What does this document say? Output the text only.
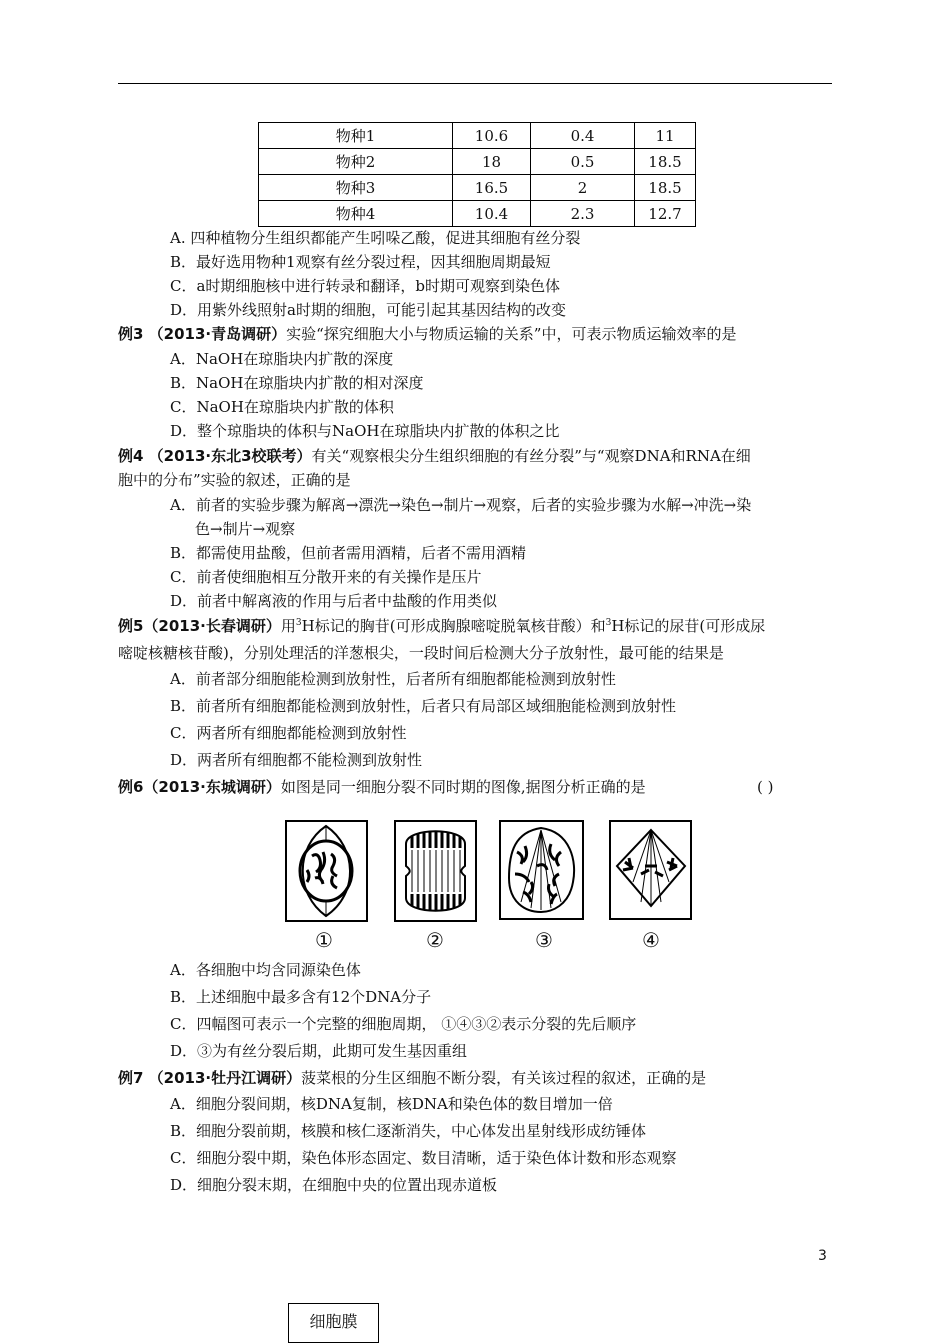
物种1	10.6	0.4	11
物种2	18	0.5	18.5
物种3	16.5	2	18.5
物种4	10.4	2.3	12.7
A. 四种植物分生组织都能产生吲哚乙酸，促进其细胞有丝分裂
B．最好选用物种1观察有丝分裂过程，因其细胞周期最短
C．a时期细胞核中进行转录和翻译，b时期可观察到染色体
D．用紫外线照射a时期的细胞，可能引起其基因结构的改变
例3 （2013·青岛调研）实验“探究细胞大小与物质运输的关系”中，可表示物质运输效率的是
A．NaOH在琼脂块内扩散的深度
B．NaOH在琼脂块内扩散的相对深度
C．NaOH在琼脂块内扩散的体积
D．整个琼脂块的体积与NaOH在琼脂块内扩散的体积之比
例4 （2013·东北3校联考）有关“观察根尖分生组织细胞的有丝分裂”与“观察DNA和RNA在细
胞中的分布”实验的叙述，正确的是
A．前者的实验步骤为解离→漂洗→染色→制片→观察，后者的实验步骤为水解→冲洗→染
色→制片→观察
B．都需使用盐酸，但前者需用酒精，后者不需用酒精
C．前者使细胞相互分散开来的有关操作是压片
D．前者中解离液的作用与后者中盐酸的作用类似
例5（2013·长春调研）用$^3$H标记的胸苷(可形成胸腺嘧啶脱氧核苷酸）和$^3$H标记的尿苷(可形成尿
嘧啶核糖核苷酸)，分别处理活的洋葱根尖，一段时间后检测大分子放射性，最可能的结果是
A．前者部分细胞能检测到放射性，后者所有细胞都能检测到放射性
B．前者所有细胞都能检测到放射性，后者只有局部区域细胞能检测到放射性
C．两者所有细胞都能检测到放射性
D．两者所有细胞都不能检测到放射性
例6（2013·东城调研）如图是同一细胞分裂不同时期的图像,据图分析正确的是	( )
①	②	③	④
A．各细胞中均含同源染色体
B．上述细胞中最多含有12个DNA分子
C．四幅图可表示一个完整的细胞周期， ①④③②表示分裂的先后顺序
D．③为有丝分裂后期，此期可发生基因重组
例7 （2013·牡丹江调研）菠菜根的分生区细胞不断分裂，有关该过程的叙述，正确的是
A．细胞分裂间期，核DNA复制，核DNA和染色体的数目增加一倍
B．细胞分裂前期，核膜和核仁逐渐消失，中心体发出星射线形成纺锤体
C．细胞分裂中期，染色体形态固定、数目清晰，适于染色体计数和形态观察
D．细胞分裂末期，在细胞中央的位置出现赤道板
3
细胞膜
